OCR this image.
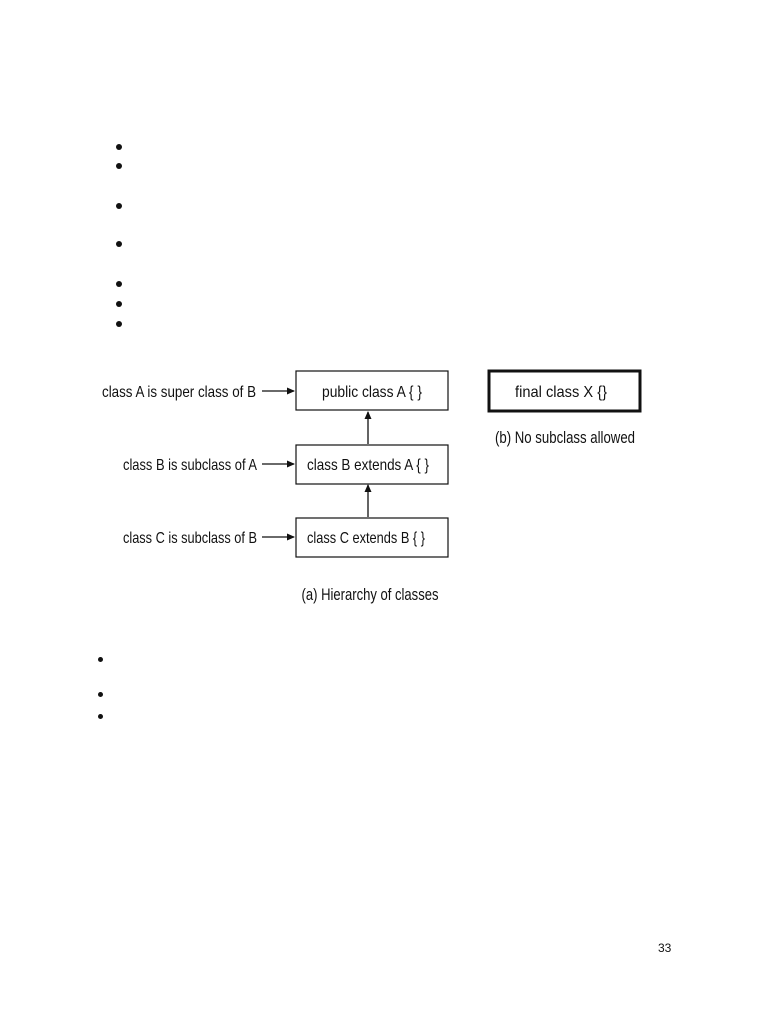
class A is super class of B
class B is subclass of A
class C is subclass of B
public class A { }
class B extends A { }
class C extends B { }
(a) Hierarchy of classes
final class X {}
(b) No subclass allowed
33
